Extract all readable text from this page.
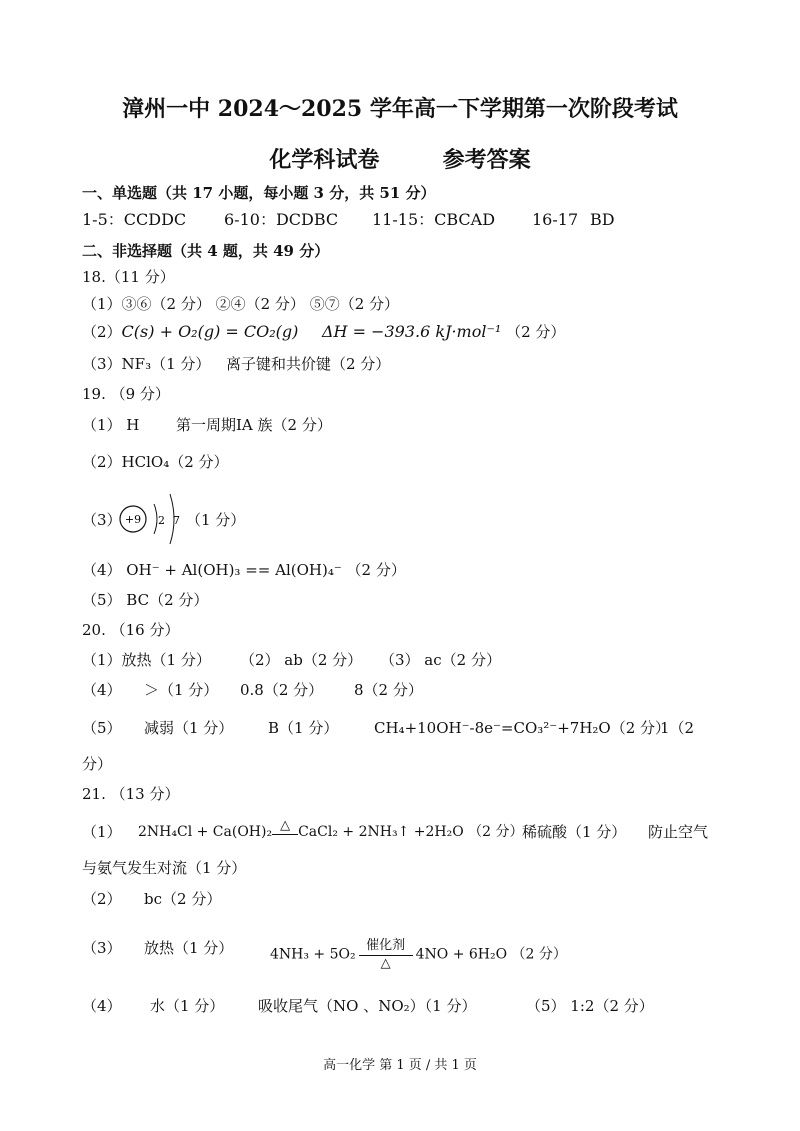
漳州一中 2024～2025 学年高一下学期第一次阶段考试
化学科试卷	参考答案
一、单选题（共 17 小题，每小题 3 分，共 51 分）
1-5：CCDDC 6-10：DCDBC 11-15：CBCAD 16-17 BD
二、非选择题（共 4 题，共 49 分）
18.（11 分）
（1）③⑥（2 分） ②④（2 分） ⑤⑦（2 分）
（2）C(s) + O₂(g) = CO₂(g) ΔH = −393.6 kJ·mol⁻¹ （2 分）
（3）NF₃（1 分） 离子键和共价键（2 分）
19. （9 分）
（1） H 第一周期IA 族（2 分）
（2）HClO₄（2 分）
（3） +9 2 7 （1 分）
（4） OH⁻ + Al(OH)₃ == Al(OH)₄⁻ （2 分）
（5） BC（2 分）
20. （16 分）
（1）放热（1 分） （2） ab（2 分） （3） ac（2 分）
（4） ＞（1 分） 0.8（2 分） 8（2 分）
（5） 减弱（1 分） B（1 分） CH₄+10OH⁻-8e⁻=CO₃²⁻+7H₂O（2 分）
1（2
分）
21. （13 分）
（1） 2NH₄Cl + Ca(OH)₂ △ CaCl₂ + 2NH₃↑ +2H₂O （2 分）
稀硫酸（1 分） 防止空气
与氨气发生对流（1 分）
（2） bc（2 分）
（3） 放热（1 分）	4NH₃ + 5O₂
催化剂
△
4NO + 6H₂O （2 分）
（4） 水（1 分） 吸收尾气（NO 、NO₂）（1 分）	（5） 1:2（2 分）
高一化学 第 1 页 / 共 1 页
